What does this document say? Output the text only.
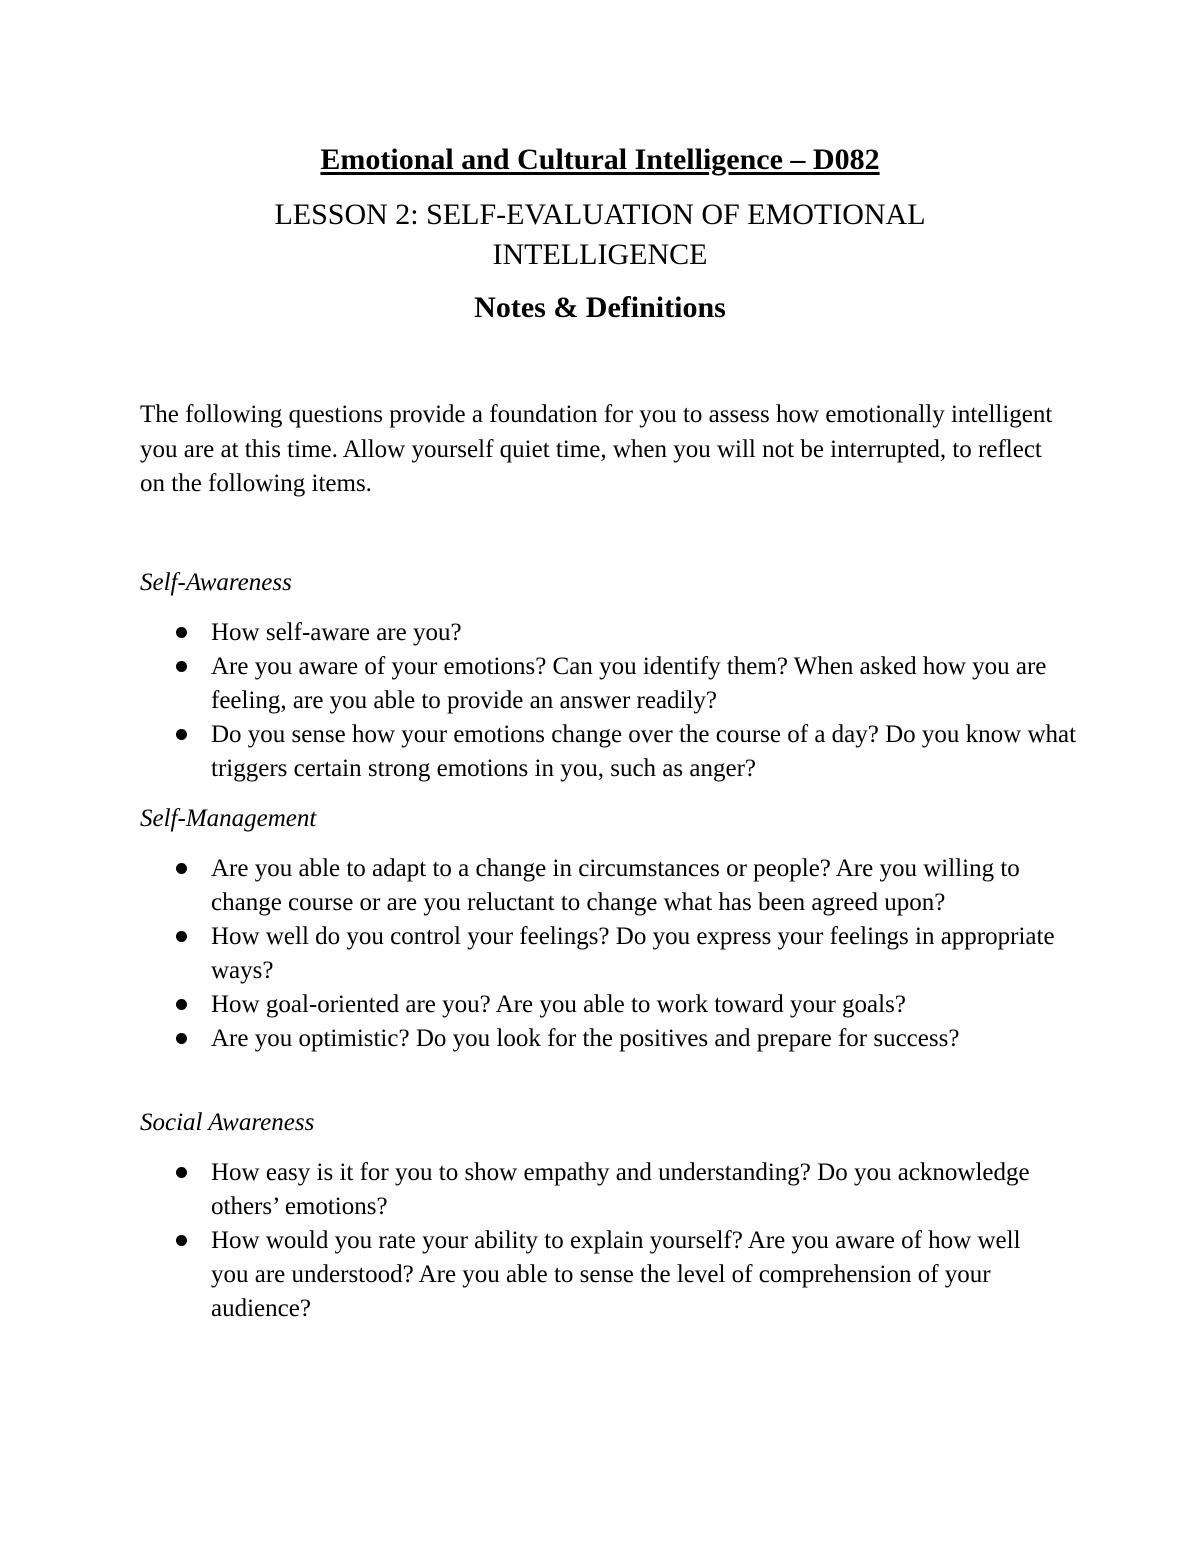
Emotional and Cultural Intelligence – D082
LESSON 2: SELF-EVALUATION OF EMOTIONAL INTELLIGENCE
Notes & Definitions

The following questions provide a foundation for you to assess how emotionally intelligent you are at this time. Allow yourself quiet time, when you will not be interrupted, to reflect on the following items.

Self-Awareness

How self-aware are you?
Are you aware of your emotions? Can you identify them? When asked how you are feeling, are you able to provide an answer readily?
Do you sense how your emotions change over the course of a day? Do you know what triggers certain strong emotions in you, such as anger?

Self-Management

Are you able to adapt to a change in circumstances or people? Are you willing to change course or are you reluctant to change what has been agreed upon?
How well do you control your feelings? Do you express your feelings in appropriate ways?
How goal-oriented are you? Are you able to work toward your goals?
Are you optimistic? Do you look for the positives and prepare for success?

Social Awareness

How easy is it for you to show empathy and understanding? Do you acknowledge others’ emotions?
How would you rate your ability to explain yourself? Are you aware of how well you are understood? Are you able to sense the level of comprehension of your audience?
